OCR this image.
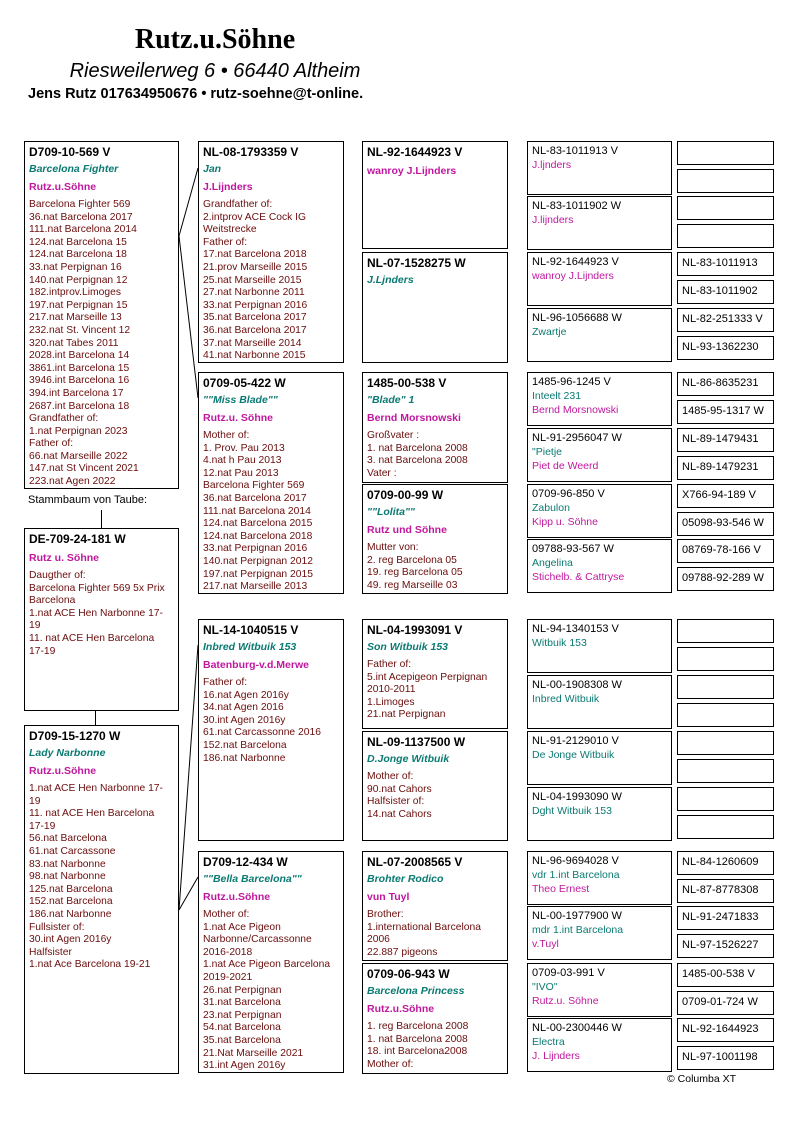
Rutz.u.Söhne
Riesweilerweg 6 • 66440 Altheim
Jens Rutz 017634950676 • rutz-soehne@t-online.
D709-10-569 V
Barcelona Fighter
Rutz.u.Söhne
Barcelona Fighter 569
36.nat Barcelona 2017
111.nat Barcelona 2014
124.nat Barcelona 15
124.nat Barcelona 18
33.nat Perpignan 16
140.nat Perpignan 12
182.intprov.Limoges
197.nat Perpignan 15
217.nat Marseille 13
232.nat St. Vincent 12
320.nat Tabes 2011
2028.int Barcelona 14
3861.int Barcelona 15
3946.int Barcelona 16
394.int Barcelona 17
2687.int Barcelona 18
Grandfather of:
1.nat Perpignan 2023
Father of:
66.nat Marseille 2022
147.nat St Vincent 2021
223.nat Agen 2022
DE-709-24-181 W
Rutz u. Söhne
Daugther of:
Barcelona Fighter 569 5x Prix
Barcelona
1.nat ACE Hen Narbonne 17-
19
11. nat ACE Hen Barcelona
17-19
D709-15-1270 W
Lady Narbonne
Rutz.u.Söhne
1.nat ACE Hen Narbonne 17-
19
11. nat ACE Hen Barcelona
17-19
56.nat Barcelona
61.nat Carcassone
83.nat Narbonne
98.nat Narbonne
125.nat Barcelona
152.nat Barcelona
186.nat Narbonne
Fullsister of:
30.int Agen 2016y
Halfsister
1.nat Ace Barcelona 19-21
NL-08-1793359 V
Jan
J.Lijnders
Grandfather of:
2.intprov ACE Cock IG
Weitstrecke
Father of:
17.nat Barcelona 2018
21.prov Marseille 2015
25.nat Marseille 2015
27.nat Narbonne 2011
33.nat Perpignan 2016
35.nat Barcelona 2017
36.nat Barcelona 2017
37.nat Marseille 2014
41.nat Narbonne 2015
0709-05-422 W
""Miss Blade""
Rutz.u. Söhne
Mother of:
1. Prov. Pau 2013
4.nat h Pau 2013
12.nat Pau 2013
Barcelona Fighter 569
36.nat Barcelona 2017
111.nat Barcelona 2014
124.nat Barcelona 2015
124.nat Barcelona 2018
33.nat Perpignan 2016
140.nat Perpignan 2012
197.nat Perpignan 2015
217.nat Marseille 2013
NL-14-1040515 V
Inbred Witbuik 153
Batenburg-v.d.Merwe
Father of:
16.nat Agen 2016y
34.nat Agen 2016
30.int Agen 2016y
61.nat Carcassonne 2016
152.nat Barcelona
186.nat Narbonne
D709-12-434 W
""Bella Barcelona""
Rutz.u.Söhne
Mother of:
1.nat Ace Pigeon
Narbonne/Carcassonne
2016-2018
1.nat Ace Pigeon Barcelona
2019-2021
26.nat Perpignan
31.nat Barcelona
23.nat Perpignan
54.nat Barcelona
35.nat Barcelona
21.Nat Marseille 2021
31.int Agen 2016y
NL-92-1644923 V
wanroy J.Lijnders
NL-07-1528275 W
J.Ljnders
1485-00-538 V
"Blade" 1
Bernd Morsnowski
Großvater :
1. nat Barcelona 2008
3. nat Barcelona 2008
Vater :
0709-00-99 W
""Lolita""
Rutz und Söhne
Mutter von:
2. reg Barcelona 05
19. reg Barcelona 05
49. reg Marseille 03
NL-04-1993091 V
Son Witbuik 153
Father of:
5.int Acepigeon Perpignan
2010-2011
1.Limoges
21.nat Perpignan
NL-09-1137500 W
D.Jonge Witbuik
Mother of:
90.nat Cahors
Halfsister of:
14.nat Cahors
NL-07-2008565 V
Brohter Rodico
vun Tuyl
Brother:
1.international Barcelona
2006
22.887 pigeons
0709-06-943 W
Barcelona Princess
Rutz.u.Söhne
1. reg Barcelona 2008
1. nat Barcelona 2008
18. int Barcelona2008
Mother of:
NL-83-1011913 V
J.ljnders
NL-83-1011902 W
J.lijnders
NL-92-1644923 V
wanroy J.Lijnders
NL-96-1056688 W
Zwartje
1485-96-1245 V
Inteelt 231
Bernd Morsnowski
NL-91-2956047 W
"Pietje
Piet de Weerd
0709-96-850 V
Zabulon
Kipp u. Söhne
09788-93-567 W
Angelina
Stichelb. & Cattryse
NL-94-1340153 V
Witbuik 153
NL-00-1908308 W
Inbred Witbuik
NL-91-2129010 V
De Jonge Witbuik
NL-04-1993090 W
Dght Witbuik 153
NL-96-9694028 V
vdr 1.int Barcelona
Theo Ernest
NL-00-1977900 W
mdr 1.int Barcelona
v.Tuyl
0709-03-991 V
"IVO"
Rutz.u. Söhne
NL-00-2300446 W
Electra
J. Lijnders
NL-83-1011913
NL-83-1011902
NL-82-251333 V
NL-93-1362230
NL-86-8635231
1485-95-1317 W
NL-89-1479431
NL-89-1479231
X766-94-189 V
05098-93-546 W
08769-78-166 V
09788-92-289 W
NL-84-1260609
NL-87-8778308
NL-91-2471833
NL-97-1526227
1485-00-538 V
0709-01-724 W
NL-92-1644923
NL-97-1001198
Stammbaum von Taube:
© Columba XT
